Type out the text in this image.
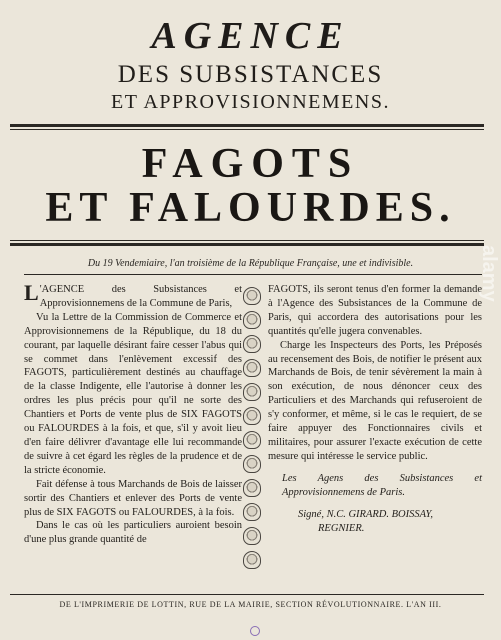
AGENCE
DES SUBSISTANCES
ET APPROVISIONNEMENS.
FAGOTS
ET FALOURDES.
Du 19 Vendemiaire, l'an troisième de la République Française, une et indivisible.

L 'AGENCE des Subsistances et Approvisionnemens de la Commune de Paris,

Vu la Lettre de la Commission de Commerce et Approvisionnemens de la République, du 18 du courant, par laquelle désirant faire cesser l'abus qui se commet dans l'enlèvement excessif des FAGOTS, particulièrement destinés au chauffage de la classe Indigente, elle l'autorise à donner les ordres les plus précis pour qu'il ne sorte des Chantiers et Ports de vente plus de SIX FAGOTS ou FALOURDES à la fois, et que, s'il y avoit lieu d'en faire délivrer d'avantage elle lui recommande de suivre à cet égard les règles de la prudence et de la stricte économie.

Fait défense à tous Marchands de Bois de laisser sortir des Chantiers et enlever des Ports de vente plus de SIX FAGOTS ou FALOURDES, à la fois.

Dans le cas où les particuliers auroient besoin d'une plus grande quantité de

FAGOTS, ils seront tenus d'en former la demande à l'Agence des Subsistances de la Commune de Paris, qui accordera des autorisations pour les quantités qu'elle jugera convenables.

Charge les Inspecteurs des Ports, les Préposés au recensement des Bois, de notifier le présent aux Marchands de Bois, de tenir sévèrement la main à son exécution, de nous dénoncer ceux des Particuliers et des Marchands qui refuseroient de s'y conformer, et même, si le cas le requiert, de se faire appuyer des Fonctionnaires civils et militaires, pour assurer l'exacte exécution de cette mesure qui intéresse le service public.

Les Agens des Subsistances et Approvisionnemens de Paris.

Signé, N.C. GIRARD. BOISSAY,

REGNIER.

DE L'IMPRIMERIE DE LOTTIN, RUE DE LA MAIRIE, SECTION RÉVOLUTIONNAIRE. L'AN III.
alamy
